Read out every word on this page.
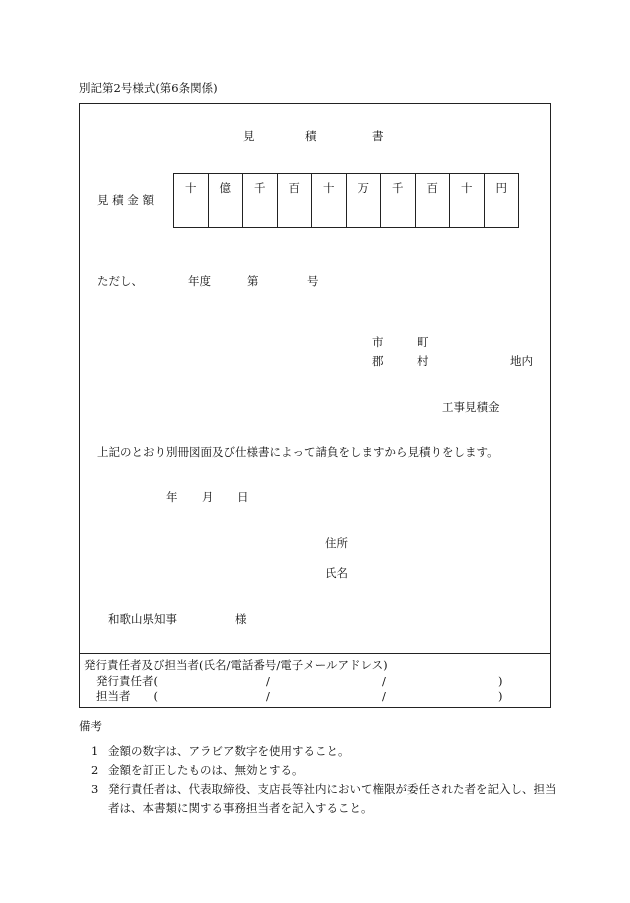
別記第2号様式(第6条関係)
見	積	書
見 積 金 額
十	億	千	百	十	万	千	百	十	円
ただし、	年度	第	号
市	町
郡	村	地内
工事見積金
上記のとおり別冊図面及び仕様書によって請負をしますから見積りをします。
年 月 日
住所
氏名
和歌山県知事	様
発行責任者及び担当者(氏名/電話番号/電子メールアドレス)
発行責任者(	/	/	)
担当者　　(	/	/	)
備考
1 金額の数字は、アラビア数字を使用すること。
2 金額を訂正したものは、無効とする。
3 発行責任者は、代表取締役、支店長等社内において権限が委任された者を記入し、担当者は、本書類に関する事務担当者を記入すること。
